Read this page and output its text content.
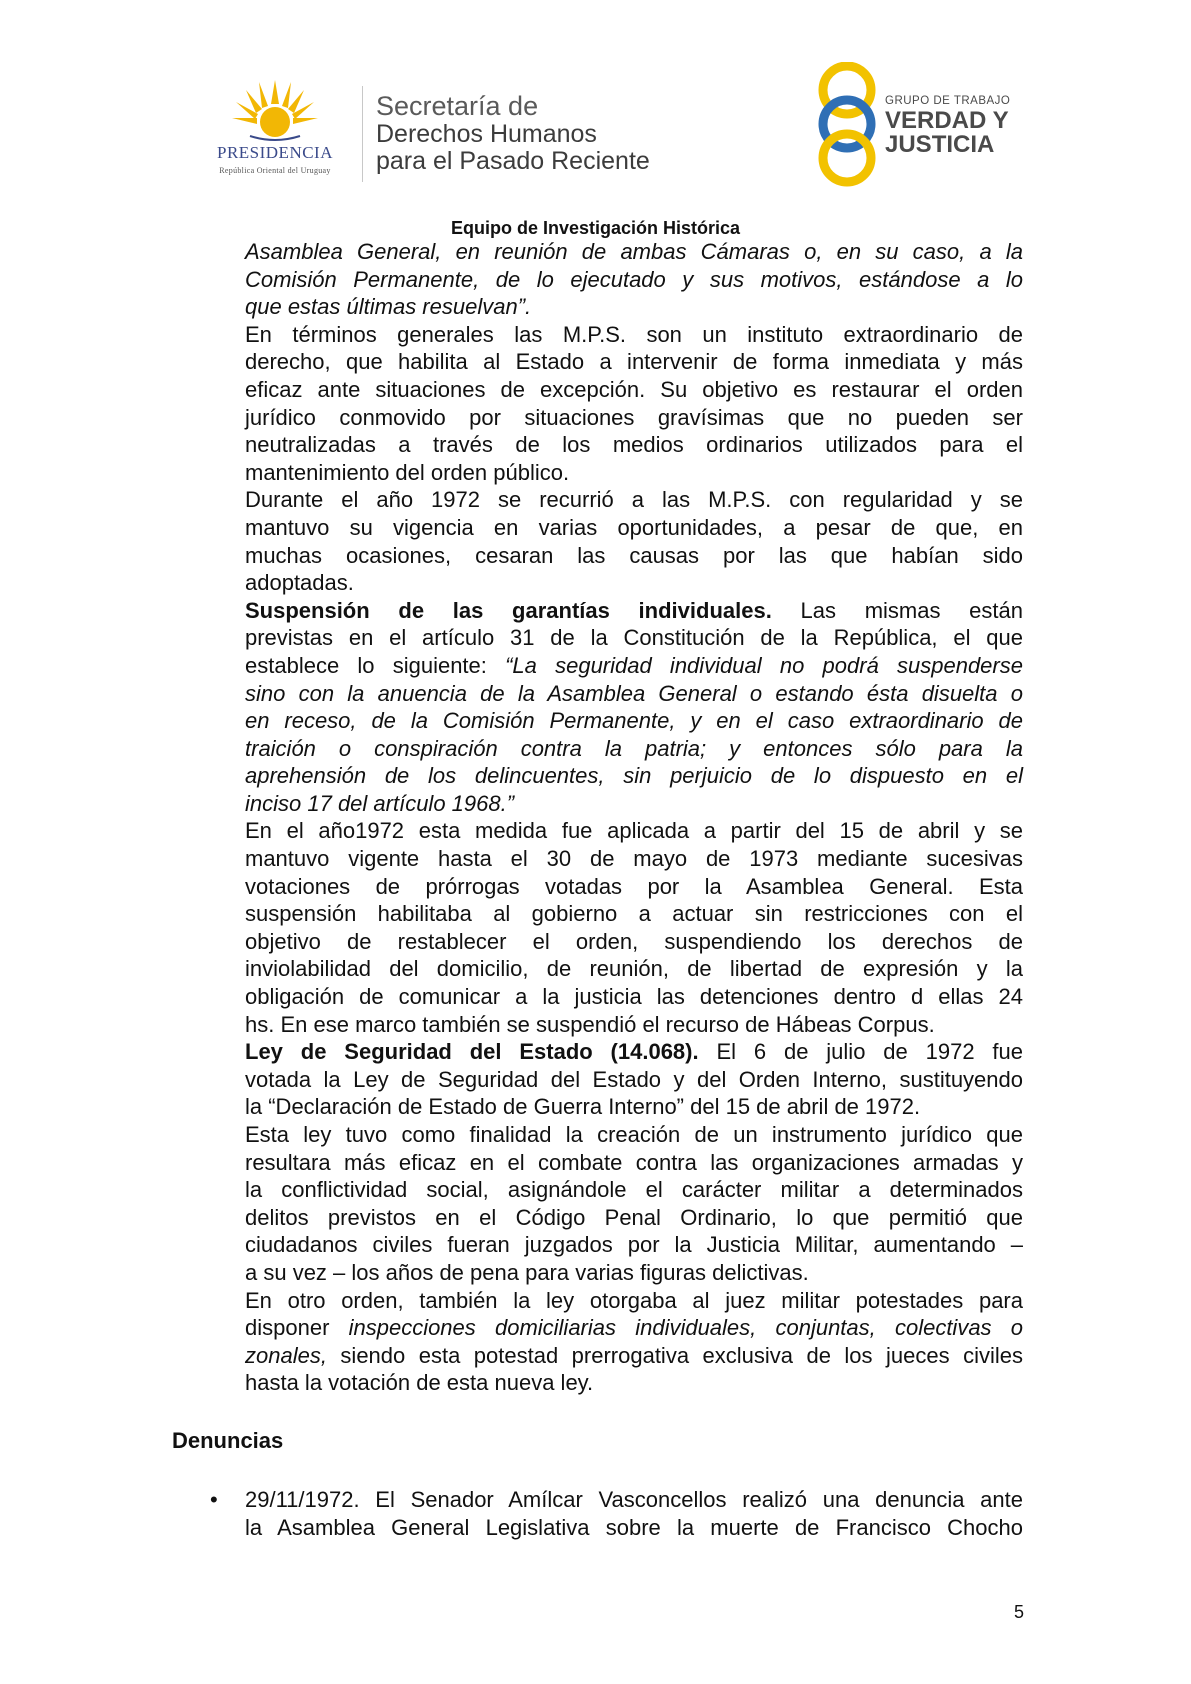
PRESIDENCIA
República Oriental del Uruguay
Secretaría de
Derechos Humanos
para el Pasado Reciente
GRUPO DE TRABAJO
VERDAD Y
JUSTICIA
Equipo de Investigación Histórica

Asamblea General, en reunión de ambas Cámaras o, en su caso, a la

Comisión Permanente, de lo ejecutado y sus motivos, estándose a lo

que estas últimas resuelvan”.

En términos generales las M.P.S. son un instituto extraordinario de

derecho, que habilita al Estado a intervenir de forma inmediata y más

eficaz ante situaciones de excepción. Su objetivo es restaurar el orden

jurídico conmovido por situaciones gravísimas que no pueden ser

neutralizadas a través de los medios ordinarios utilizados para el

mantenimiento del orden público.

Durante el año 1972 se recurrió a las M.P.S. con regularidad y se

mantuvo su vigencia en varias oportunidades, a pesar de que, en

muchas ocasiones, cesaran las causas por las que habían sido

adoptadas.

Suspensión de las garantías individuales. Las mismas están

previstas en el artículo 31 de la Constitución de la República, el que

establece lo siguiente: “La seguridad individual no podrá suspenderse

sino con la anuencia de la Asamblea General o estando ésta disuelta o

en receso, de la Comisión Permanente, y en el caso extraordinario de

traición o conspiración contra la patria; y entonces sólo para la

aprehensión de los delincuentes, sin perjuicio de lo dispuesto en el

inciso 17 del artículo 1968.”

En el año1972 esta medida fue aplicada a partir del 15 de abril y se

mantuvo vigente hasta el 30 de mayo de 1973 mediante sucesivas

votaciones de prórrogas votadas por la Asamblea General. Esta

suspensión habilitaba al gobierno a actuar sin restricciones con el

objetivo de restablecer el orden, suspendiendo los derechos de

inviolabilidad del domicilio, de reunión, de libertad de expresión y la

obligación de comunicar a la justicia las detenciones dentro d ellas 24

hs. En ese marco también se suspendió el recurso de Hábeas Corpus.

Ley de Seguridad del Estado (14.068). El 6 de julio de 1972 fue

votada la Ley de Seguridad del Estado y del Orden Interno, sustituyendo

la “Declaración de Estado de Guerra Interno” del 15 de abril de 1972.

Esta ley tuvo como finalidad la creación de un instrumento jurídico que

resultara más eficaz en el combate contra las organizaciones armadas y

la conflictividad social, asignándole el carácter militar a determinados

delitos previstos en el Código Penal Ordinario, lo que permitió que

ciudadanos civiles fueran juzgados por la Justicia Militar, aumentando –

a su vez – los años de pena para varias figuras delictivas.

En otro orden, también la ley otorgaba al juez militar potestades para

disponer inspecciones domiciliarias individuales, conjuntas, colectivas o

zonales, siendo esta potestad prerrogativa exclusiva de los jueces civiles

hasta la votación de esta nueva ley.

Denuncias
• 29/11/1972. El Senador Amílcar Vasconcellos realizó una denuncia ante

la Asamblea General Legislativa sobre la muerte de Francisco Chocho

5
